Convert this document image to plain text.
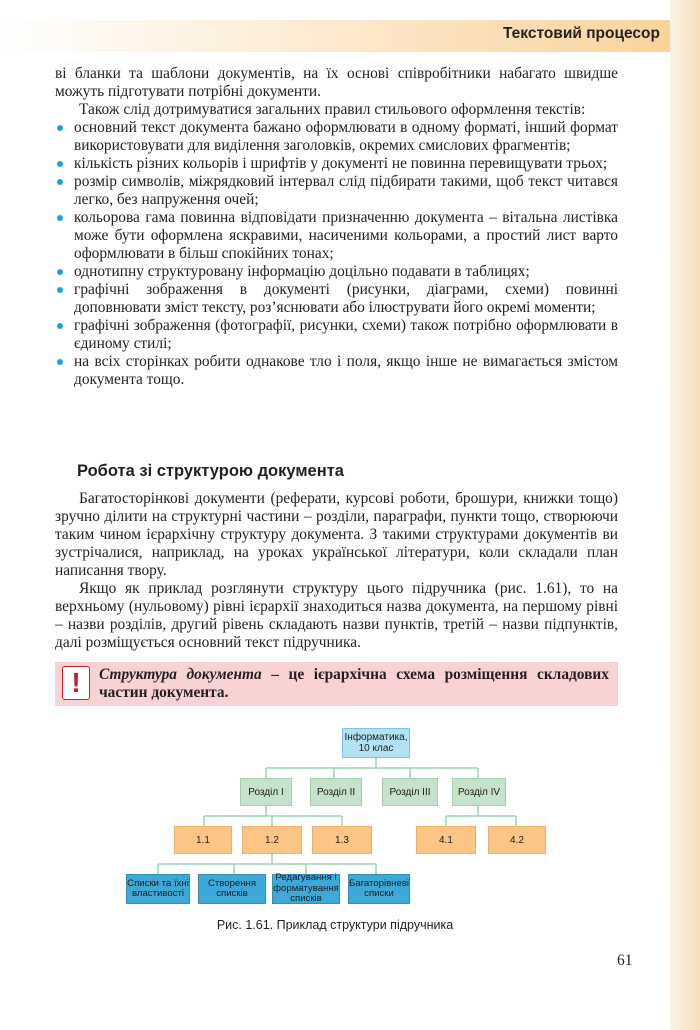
Текстовий процесор

ві бланки та шаблони документів, на їх основі співробітники набагато швидше можуть підготувати потрібні документи.

Також слід дотримуватися загальних правил стильового оформлення текстів:

основний текст документа бажано оформлювати в одному форматі, інший формат використовувати для виділення заголовків, окремих смислових фрагментів;
кількість різних кольорів і шрифтів у документі не повинна перевищувати трьох;
розмір символів, міжрядковий інтервал слід підбирати такими, щоб текст читався легко, без напруження очей;
кольорова гама повинна відповідати призначенню документа – вітальна листівка може бути оформлена яскравими, насиченими кольорами, а простий лист варто оформлювати в більш спокійних тонах;
однотипну структуровану інформацію доцільно подавати в таблицях;
графічні зображення в документі (рисунки, діаграми, схеми) повинні доповнювати зміст тексту, роз’яснювати або ілюструвати його окремі моменти;
графічні зображення (фотографії, рисунки, схеми) також потрібно оформлювати в єдиному стилі;
на всіх сторінках робити однакове тло і поля, якщо інше не вимагається змістом документа тощо.
Робота зі структурою документа

Багатосторінкові документи (реферати, курсові роботи, брошури, книжки тощо) зручно ділити на структурні частини – розділи, параграфи, пункти тощо, створюючи таким чином ієрархічну структуру документа. З такими структурами документів ви зустрічалися, наприклад, на уроках української літератури, коли складали план написання твору.

Якщо як приклад розглянути структуру цього підручника (рис. 1.61), то на верхньому (нульовому) рівні ієрархії знаходиться назва документа, на першому рівні – назви розділів, другий рівень складають назви пунктів, третій – назви підпунктів, далі розміщується основний текст підручника.

!	Структура документа – це ієрархічна схема розміщення складових частин документа.
Інформатика, 10 клас
Розділ І	Розділ ІІ	Розділ ІІІ	Розділ IV
1.1	1.2	1.3	4.1	4.2
Списки та їхні властивості
Створення списків
Редагування і форматування списків
Багаторівневі списки
Рис. 1.61. Приклад структури підручника
61
